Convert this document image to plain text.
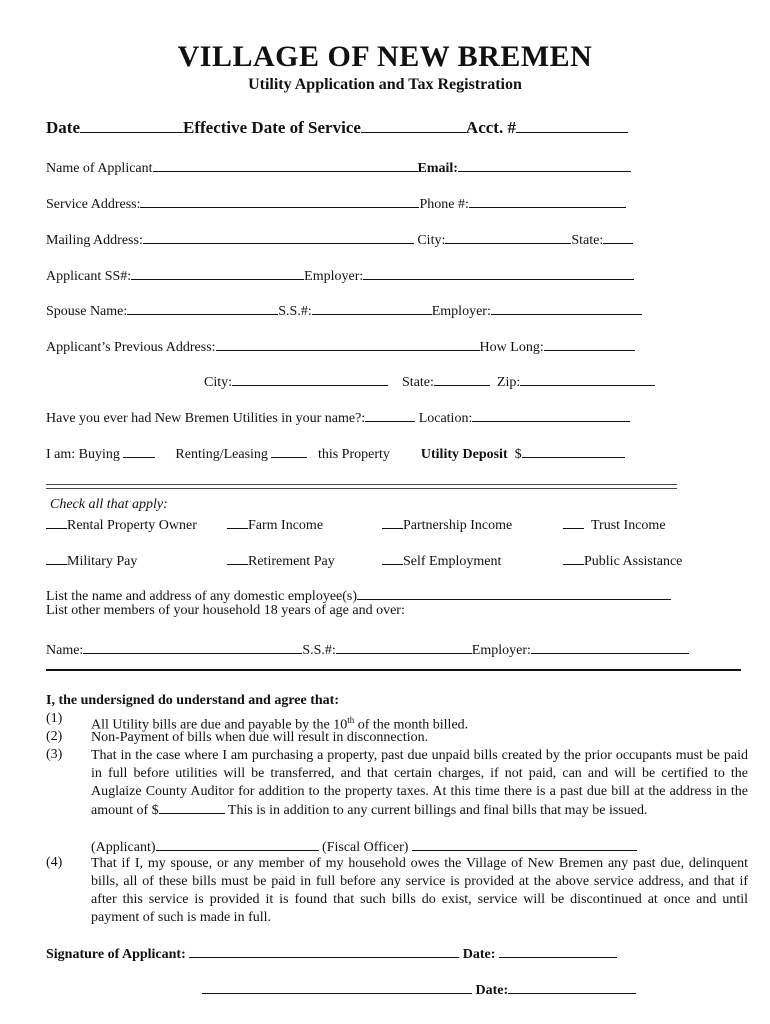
VILLAGE OF NEW BREMEN
Utility Application and Tax Registration
Date	Effective Date of Service	Acct. #
Name of Applicant	Email:
Service Address:	Phone #:
Mailing Address:	City:	State:
Applicant SS#:	Employer:
Spouse Name:	S.S.#:	Employer:
Applicant’s Previous Address:	How Long:
City:	State:	Zip:
Have you ever had New Bremen Utilities in your name?:	Location:
I am: Buying	Renting/Leasing	this Property Utility Deposit $
Check all that apply:
Rental Property Owner	Farm Income	Partnership Income	Trust Income
Military Pay	Retirement Pay	Self Employment	Public Assistance
List the name and address of any domestic employee(s)
List other members of your household 18 years of age and over:
Name:	S.S.#:	Employer:
I, the undersigned do understand and agree that:
(1) All Utility bills are due and payable by the 10th of the month billed.
(2) Non-Payment of bills when due will result in disconnection.
(3) That in the case where I am purchasing a property, past due unpaid bills created by the prior occupants must be paid in full before utilities will be transferred, and that certain charges, if not paid, can and will be certified to the Auglaize County Auditor for addition to the property taxes. At this time there is a past due bill at the address in the amount of $	This is in addition to any current billings and final bills that may be issued.
(Applicant)	(Fiscal Officer)
(4) That if I, my spouse, or any member of my household owes the Village of New Bremen any past due, delinquent bills, all of these bills must be paid in full before any service is provided at the above service address, and that if after this service is provided it is found that such bills do exist, service will be discontinued at once and until payment of such is made in full.
Signature of Applicant:	Date:
Date:
